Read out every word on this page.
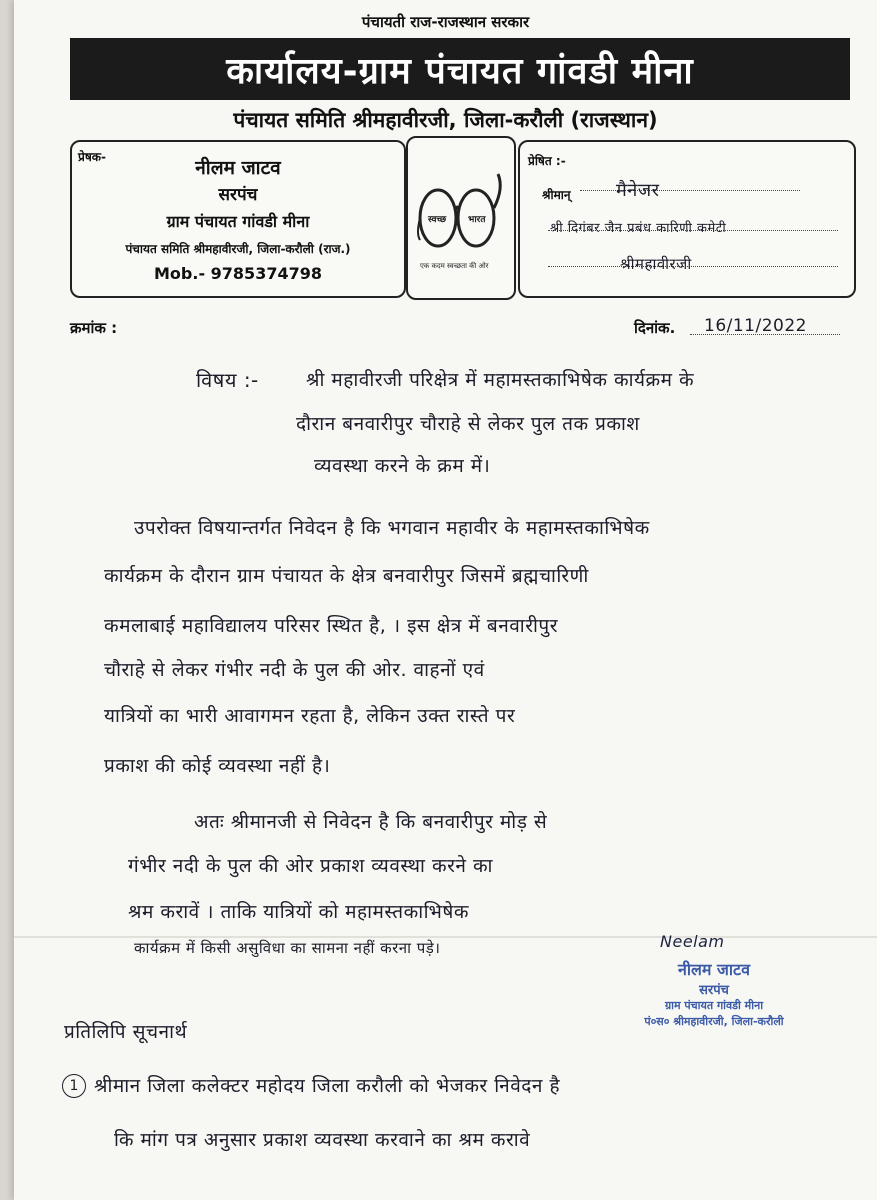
पंचायती राज-राजस्थान सरकार
कार्यालय-ग्राम पंचायत गांवडी मीना
पंचायत समिति श्रीमहावीरजी, जिला-करौली (राजस्थान)
प्रेषक-	नीलम जाटव
सरपंच
ग्राम पंचायत गांवडी मीना
पंचायत समिति श्रीमहावीरजी, जिला-करौली (राज.)
Mob.- 9785374798
स्वच्छ भारत
एक कदम स्वच्छता की ओर
प्रेषित :-
श्रीमान्	मैनेजर
श्री दिगंबर जैन प्रबंध कारिणी कमेटी
श्रीमहावीरजी
क्रमांक :	दिनांक. 16/11/2022
विषय :- श्री महावीरजी परिक्षेत्र में महामस्तकाभिषेक कार्यक्रम के
दौरान बनवारीपुर चौराहे से लेकर पुल तक प्रकाश
व्यवस्था करने के क्रम में।
उपरोक्त विषयान्तर्गत निवेदन है कि भगवान महावीर के महामस्तकाभिषेक
कार्यक्रम के दौरान ग्राम पंचायत के क्षेत्र बनवारीपुर जिसमें ब्रह्मचारिणी
कमलाबाई महाविद्यालय परिसर स्थित है, । इस क्षेत्र में बनवारीपुर
चौराहे से लेकर गंभीर नदी के पुल की ओर. वाहनों एवं
यात्रियों का भारी आवागमन रहता है, लेकिन उक्त रास्ते पर
प्रकाश की कोई व्यवस्था नहीं है।
अतः श्रीमानजी से निवेदन है कि बनवारीपुर मोड़ से
गंभीर नदी के पुल की ओर प्रकाश व्यवस्था करने का
श्रम करावें । ताकि यात्रियों को महामस्तकाभिषेक
कार्यक्रम में किसी असुविधा का सामना नहीं करना पड़े।	Neelam
नीलम जाटव
सरपंच
ग्राम पंचायत गांवडी मीना
पं०स० श्रीमहावीरजी, जिला-करौली
प्रतिलिपि सूचनार्थ
1 श्रीमान जिला कलेक्टर महोदय जिला करौली को भेजकर निवेदन है
कि मांग पत्र अनुसार प्रकाश व्यवस्था करवाने का श्रम करावे
